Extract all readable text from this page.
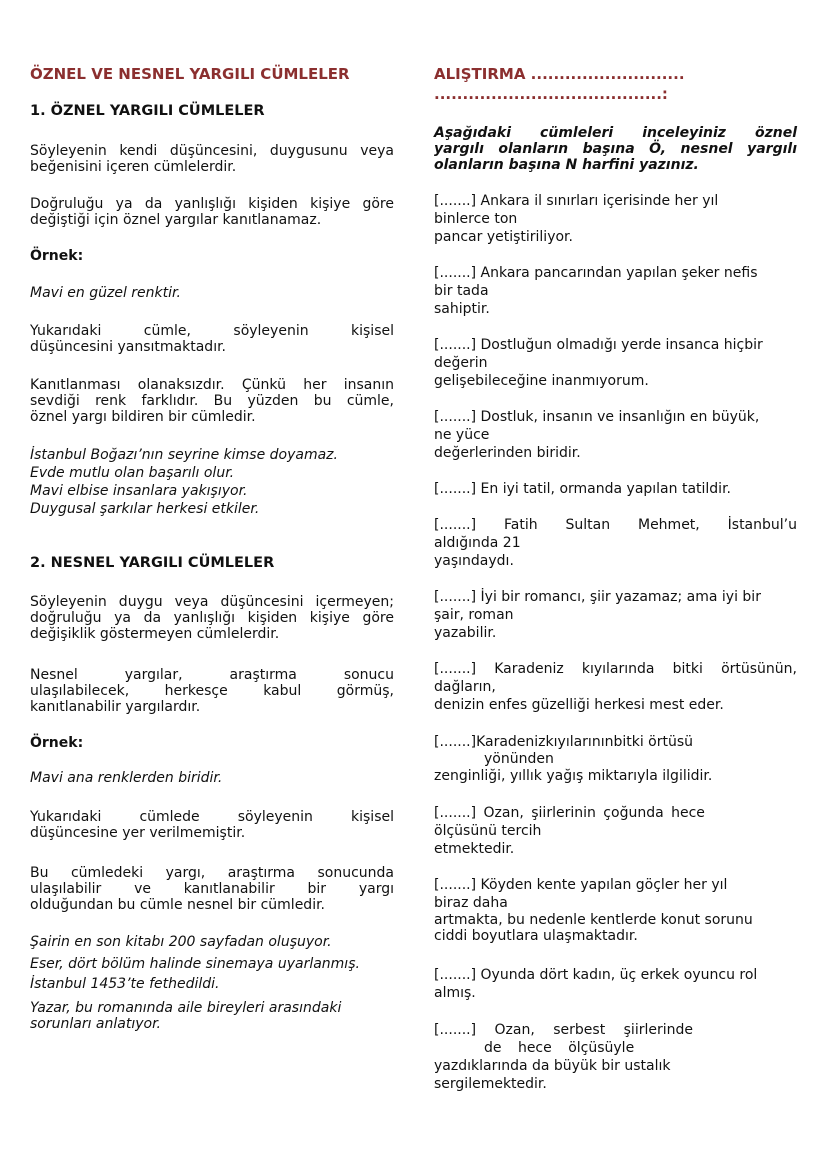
ÖZNEL VE NESNEL YARGILI CÜMLELER
1. ÖZNEL YARGILI CÜMLELER
Söyleyenin kendi düşüncesini, duygusunu veya
beğenisini içeren cümlelerdir.
Doğruluğu ya da yanlışlığı kişiden kişiye göre
değiştiği için öznel yargılar kanıtlanamaz.
Örnek:
Mavi en güzel renktir.
Yukarıdaki cümle, söyleyenin kişisel
düşüncesini yansıtmaktadır.
Kanıtlanması olanaksızdır. Çünkü her insanın
sevdiği renk farklıdır. Bu yüzden bu cümle,
öznel yargı bildiren bir cümledir.
İstanbul Boğazı’nın seyrine kimse doyamaz.
Evde mutlu olan başarılı olur.
Mavi elbise insanlara yakışıyor.
Duygusal şarkılar herkesi etkiler.
2. NESNEL YARGILI CÜMLELER
Söyleyenin duygu veya düşüncesini içermeyen;
doğruluğu ya da yanlışlığı kişiden kişiye göre
değişiklik göstermeyen cümlelerdir.
Nesnel yargılar, araştırma sonucu
ulaşılabilecek, herkesçe kabul görmüş,
kanıtlanabilir yargılardır.
Örnek:
Mavi ana renklerden biridir.
Yukarıdaki cümlede söyleyenin kişisel
düşüncesine yer verilmemiştir.
Bu cümledeki yargı, araştırma sonucunda
ulaşılabilir ve kanıtlanabilir bir yargı
olduğundan bu cümle nesnel bir cümledir.
Şairin en son kitabı 200 sayfadan oluşuyor.
Eser, dört bölüm halinde sinemaya uyarlanmış.
İstanbul 1453’te fethedildi.
Yazar, bu romanında aile bireyleri arasındaki
sorunları anlatıyor.
ALIŞTIRMA ...........................
........................................:
Aşağıdaki cümleleri inceleyiniz öznel
yargılı olanların başına Ö, nesnel yargılı
olanların başına N harfini yazınız.
[.......] Ankara il sınırları içerisinde her yıl
binlerce ton
pancar yetiştiriliyor.
[.......] Ankara pancarından yapılan şeker nefis
bir tada
sahiptir.
[.......] Dostluğun olmadığı yerde insanca hiçbir
değerin
gelişebileceğine inanmıyorum.
[.......] Dostluk, insanın ve insanlığın en büyük,
ne yüce
değerlerinden biridir.
[.......] En iyi tatil, ormanda yapılan tatildir.
[.......] Fatih Sultan Mehmet, İstanbul’u
aldığında 21
yaşındaydı.
[.......] İyi bir romancı, şiir yazamaz; ama iyi bir
şair, roman
yazabilir.
[.......] Karadeniz kıyılarında bitki örtüsünün,
dağların,
denizin enfes güzelliği herkesi mest eder.
[.......]Karadenizkıyılarınınbitki örtüsü
yönünden
zenginliği, yıllık yağış miktarıyla ilgilidir.
[.......] Ozan, şiirlerinin çoğunda hece
ölçüsünü tercih
etmektedir.
[.......] Köyden kente yapılan göçler her yıl
biraz daha
artmakta, bu nedenle kentlerde konut sorunu
ciddi boyutlara ulaşmaktadır.
[.......] Oyunda dört kadın, üç erkek oyuncu rol
almış.
[.......] Ozan, serbest şiirlerinde
de hece ölçüsüyle
yazdıklarında da büyük bir ustalık
sergilemektedir.
